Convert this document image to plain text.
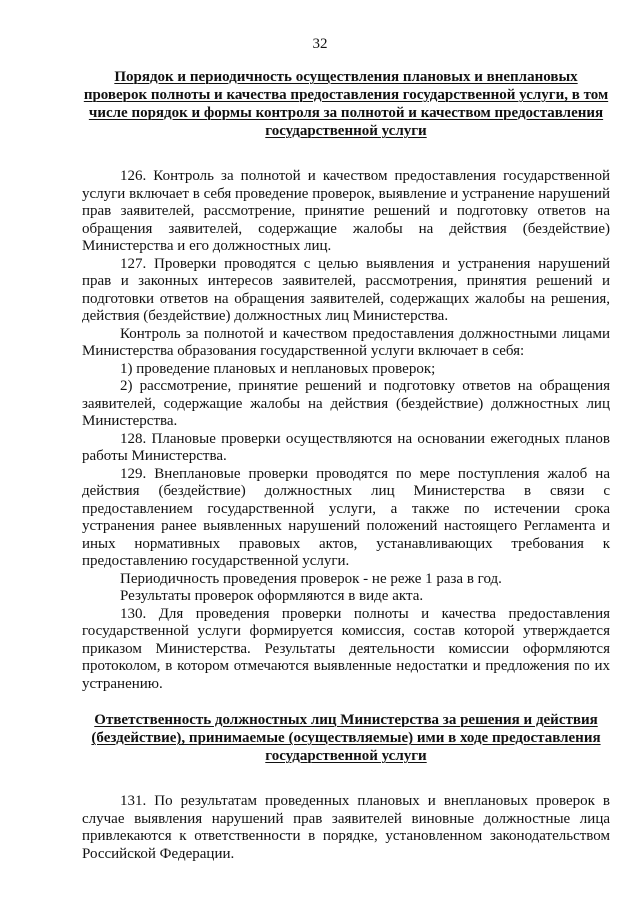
32

Порядок и периодичность осуществления плановых и внеплановых проверок полноты и качества предоставления государственной услуги, в том числе порядок и формы контроля за полнотой и качеством предоставления государственной услуги

126. Контроль за полнотой и качеством предоставления государственной услуги включает в себя проведение проверок, выявление и устранение нарушений прав заявителей, рассмотрение, принятие решений и подготовку ответов на обращения заявителей, содержащие жалобы на действия (бездействие) Министерства и его должностных лиц.

127. Проверки проводятся с целью выявления и устранения нарушений прав и законных интересов заявителей, рассмотрения, принятия решений и подготовки ответов на обращения заявителей, содержащих жалобы на решения, действия (бездействие) должностных лиц Министерства.

Контроль за полнотой и качеством предоставления должностными лицами Министерства образования государственной услуги включает в себя:

1) проведение плановых и неплановых проверок;

2) рассмотрение, принятие решений и подготовку ответов на обращения заявителей, содержащие жалобы на действия (бездействие) должностных лиц Министерства.

128. Плановые проверки осуществляются на основании ежегодных планов работы Министерства.

129. Внеплановые проверки проводятся по мере поступления жалоб на действия (бездействие) должностных лиц Министерства в связи с предоставлением государственной услуги, а также по истечении срока устранения ранее выявленных нарушений положений настоящего Регламента и иных нормативных правовых актов, устанавливающих требования к предоставлению государственной услуги.

Периодичность проведения проверок - не реже 1 раза в год.

Результаты проверок оформляются в виде акта.

130. Для проведения проверки полноты и качества предоставления государственной услуги формируется комиссия, состав которой утверждается приказом Министерства. Результаты деятельности комиссии оформляются протоколом, в котором отмечаются выявленные недостатки и предложения по их устранению.

Ответственность должностных лиц Министерства за решения и действия (бездействие), принимаемые (осуществляемые) ими в ходе предоставления государственной услуги

131. По результатам проведенных плановых и внеплановых проверок в случае выявления нарушений прав заявителей виновные должностные лица привлекаются к ответственности в порядке, установленном законодательством Российской Федерации.
